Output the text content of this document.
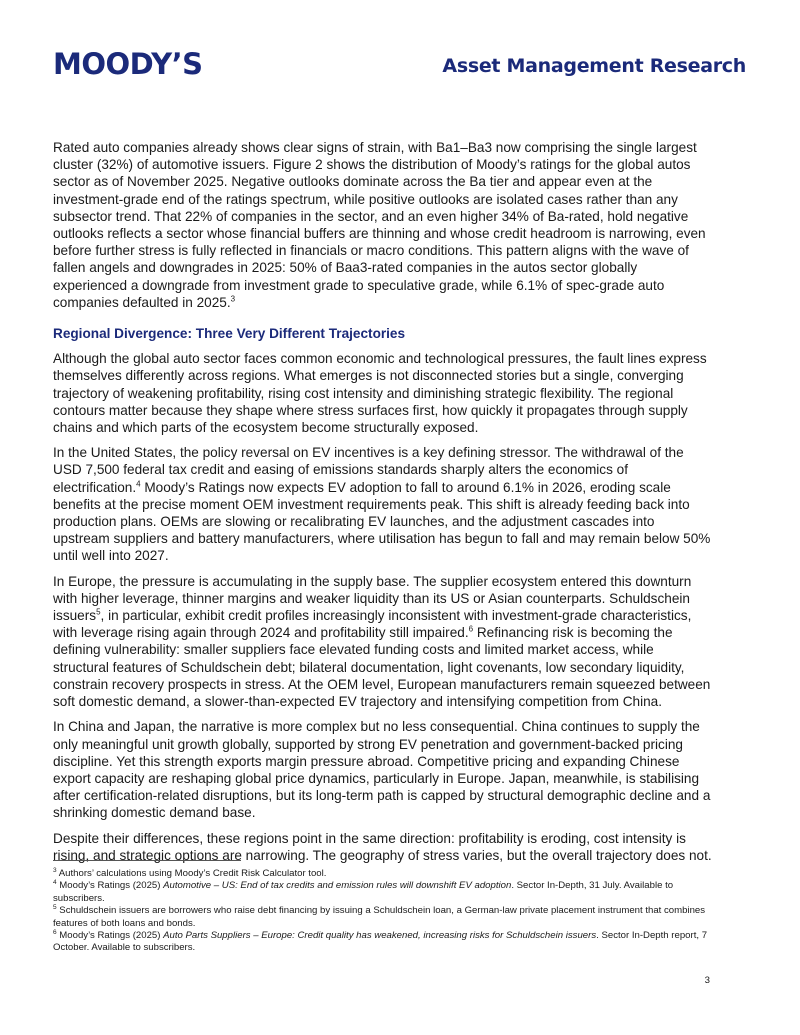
MOODY’S	Asset Management Research

Rated auto companies already shows clear signs of strain, with Ba1–Ba3 now comprising the single largest cluster (32%) of automotive issuers. Figure 2 shows the distribution of Moody’s ratings for the global autos sector as of November 2025. Negative outlooks dominate across the Ba tier and appear even at the investment-grade end of the ratings spectrum, while positive outlooks are isolated cases rather than any subsector trend. That 22% of companies in the sector, and an even higher 34% of Ba-rated, hold negative outlooks reflects a sector whose financial buffers are thinning and whose credit headroom is narrowing, even before further stress is fully reflected in financials or macro conditions. This pattern aligns with the wave of fallen angels and downgrades in 2025: 50% of Baa3-rated companies in the autos sector globally experienced a downgrade from investment grade to speculative grade, while 6.1% of spec-grade auto companies defaulted in 2025.$^3$

Regional Divergence: Three Very Different Trajectories

Although the global auto sector faces common economic and technological pressures, the fault lines express themselves differently across regions. What emerges is not disconnected stories but a single, converging trajectory of weakening profitability, rising cost intensity and diminishing strategic flexibility. The regional contours matter because they shape where stress surfaces first, how quickly it propagates through supply chains and which parts of the ecosystem become structurally exposed.

In the United States, the policy reversal on EV incentives is a key defining stressor. The withdrawal of the USD 7,500 federal tax credit and easing of emissions standards sharply alters the economics of electrification.$^4$ Moody’s Ratings now expects EV adoption to fall to around 6.1% in 2026, eroding scale benefits at the precise moment OEM investment requirements peak. This shift is already feeding back into production plans. OEMs are slowing or recalibrating EV launches, and the adjustment cascades into upstream suppliers and battery manufacturers, where utilisation has begun to fall and may remain below 50% until well into 2027.

In Europe, the pressure is accumulating in the supply base. The supplier ecosystem entered this downturn with higher leverage, thinner margins and weaker liquidity than its US or Asian counterparts. Schuldschein issuers$^5$, in particular, exhibit credit profiles increasingly inconsistent with investment-grade characteristics, with leverage rising again through 2024 and profitability still impaired.$^6$ Refinancing risk is becoming the defining vulnerability: smaller suppliers face elevated funding costs and limited market access, while structural features of Schuldschein debt; bilateral documentation, light covenants, low secondary liquidity, constrain recovery prospects in stress. At the OEM level, European manufacturers remain squeezed between soft domestic demand, a slower-than-expected EV trajectory and intensifying competition from China.

In China and Japan, the narrative is more complex but no less consequential. China continues to supply the only meaningful unit growth globally, supported by strong EV penetration and government-backed pricing discipline. Yet this strength exports margin pressure abroad. Competitive pricing and expanding Chinese export capacity are reshaping global price dynamics, particularly in Europe. Japan, meanwhile, is stabilising after certification-related disruptions, but its long-term path is capped by structural demographic decline and a shrinking domestic demand base.

Despite their differences, these regions point in the same direction: profitability is eroding, cost intensity is rising, and strategic options are narrowing. The geography of stress varies, but the overall trajectory does not.

$^3$ Authors’ calculations using Moody’s Credit Risk Calculator tool.

$^4$ Moody’s Ratings (2025) Automotive – US: End of tax credits and emission rules will downshift EV adoption. Sector In-Depth, 31 July. Available to subscribers.

$^5$ Schuldschein issuers are borrowers who raise debt financing by issuing a Schuldschein loan, a German-law private placement instrument that combines features of both loans and bonds.

$^6$ Moody’s Ratings (2025) Auto Parts Suppliers – Europe: Credit quality has weakened, increasing risks for Schuldschein issuers. Sector In-Depth report, 7 October. Available to subscribers.

3
